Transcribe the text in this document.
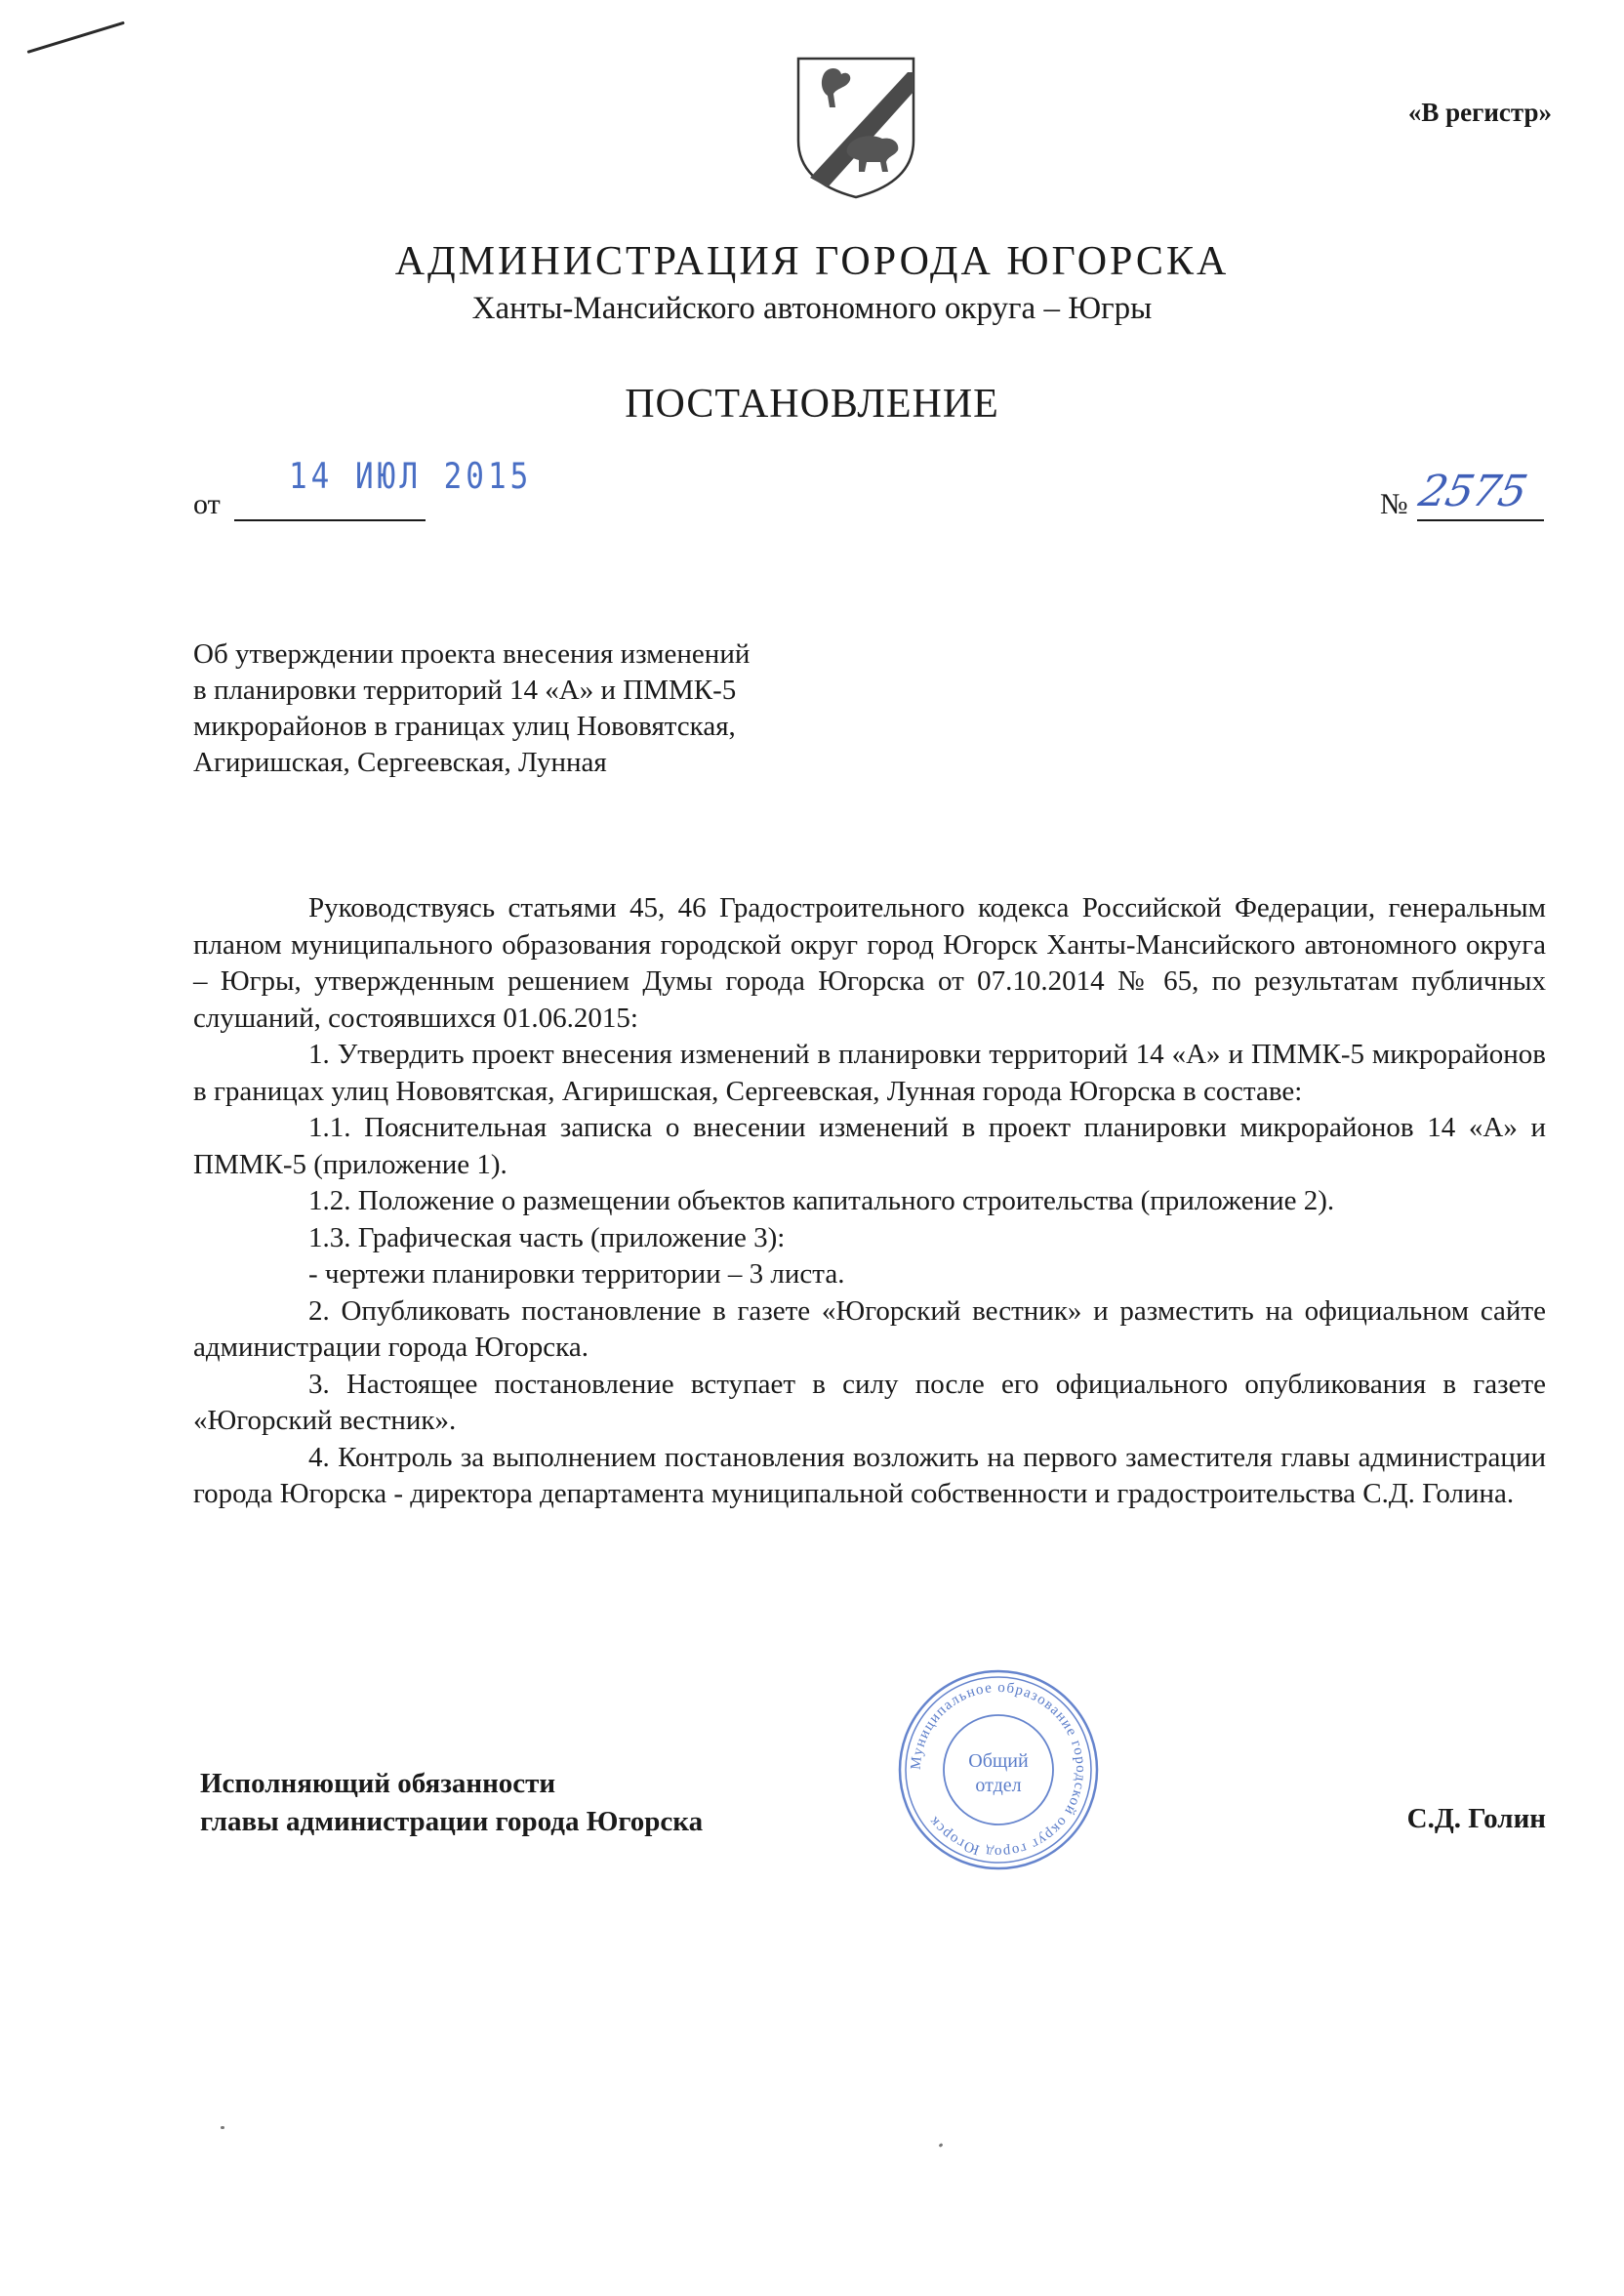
«В регистр»
АДМИНИСТРАЦИЯ ГОРОДА ЮГОРСКА
Ханты-Мансийского автономного округа – Югры
ПОСТАНОВЛЕНИЕ
от
14 ИЮЛ 2015
№ 2575
Об утверждении проекта внесения изменений
в планировки территорий 14 «А» и ПММК-5
микрорайонов в границах улиц Нововятская,
Агиришская, Сергеевская, Лунная

Руководствуясь статьями 45, 46 Градостроительного кодекса Российской Федерации, генеральным планом муниципального образования городской округ город Югорск Ханты-Мансийского автономного округа – Югры, утвержденным решением Думы города Югорска от 07.10.2014 № 65, по результатам публичных слушаний, состоявшихся 01.06.2015:

1. Утвердить проект внесения изменений в планировки территорий 14 «А» и ПММК-5 микрорайонов в границах улиц Нововятская, Агиришская, Сергеевская, Лунная города Югорска в составе:

1.1. Пояснительная записка о внесении изменений в проект планировки микрорайонов 14 «А» и ПММК-5 (приложение 1).

1.2. Положение о размещении объектов капитального строительства (приложение 2).

1.3. Графическая часть (приложение 3):

- чертежи планировки территории – 3 листа.

2. Опубликовать постановление в газете «Югорский вестник» и разместить на официальном сайте администрации города Югорска.

3. Настоящее постановление вступает в силу после его официального опубликования в газете «Югорский вестник».

4. Контроль за выполнением постановления возложить на первого заместителя главы администрации города Югорска - директора департамента муниципальной собственности и градостроительства С.Д. Голина.

Муниципальное образование городской округ город Югорск
Общий
отдел
Исполняющий обязанности
главы администрации города Югорска	С.Д. Голин
